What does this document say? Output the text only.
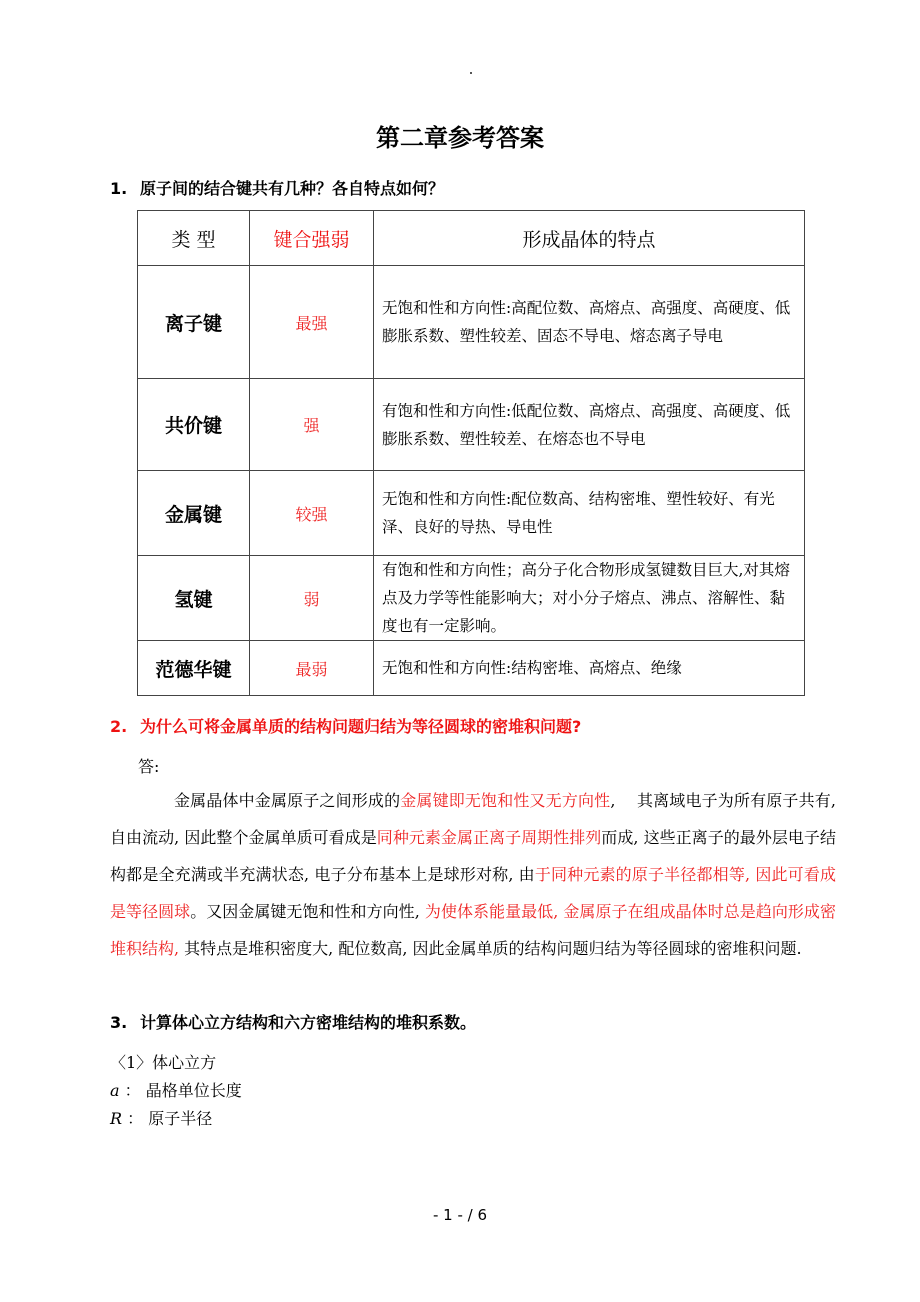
第二章参考答案
1. 原子间的结合键共有几种？各自特点如何？
类 型	键合强弱	形成晶体的特点
离子键	最强	无饱和性和方向性:高配位数、高熔点、高强度、高硬度、低膨胀系数、塑性较差、固态不导电、熔态离子导电
共价键	强	有饱和性和方向性:低配位数、高熔点、高强度、高硬度、低膨胀系数、塑性较差、在熔态也不导电
金属键	较强	无饱和性和方向性:配位数高、结构密堆、塑性较好、有光泽、良好的导热、导电性
氢键	弱	有饱和性和方向性；高分子化合物形成氢键数目巨大,对其熔点及力学等性能影响大；对小分子熔点、沸点、溶解性、黏度也有一定影响。
范德华键	最弱	无饱和性和方向性:结构密堆、高熔点、绝缘
2. 为什么可将金属单质的结构问题归结为等径圆球的密堆积问题?
答:
金属晶体中金属原子之间形成的金属键即无饱和性又无方向性,　 其离域电子为所有原子共有, 自由流动, 因此整个金属单质可看成是同种元素金属正离子周期性排列而成, 这些正离子的最外层电子结构都是全充满或半充满状态, 电子分布基本上是球形对称, 由于同种元素的原子半径都相等, 因此可看成是等径圆球。又因金属键无饱和性和方向性, 为使体系能量最低, 金属原子在组成晶体时总是趋向形成密堆积结构, 其特点是堆积密度大, 配位数高, 因此金属单质的结构问题归结为等径圆球的密堆积问题.
3. 计算体心立方结构和六方密堆结构的堆积系数。
〈1〉体心立方
a ： 晶格单位长度
R ： 原子半径
- 1 - / 6
